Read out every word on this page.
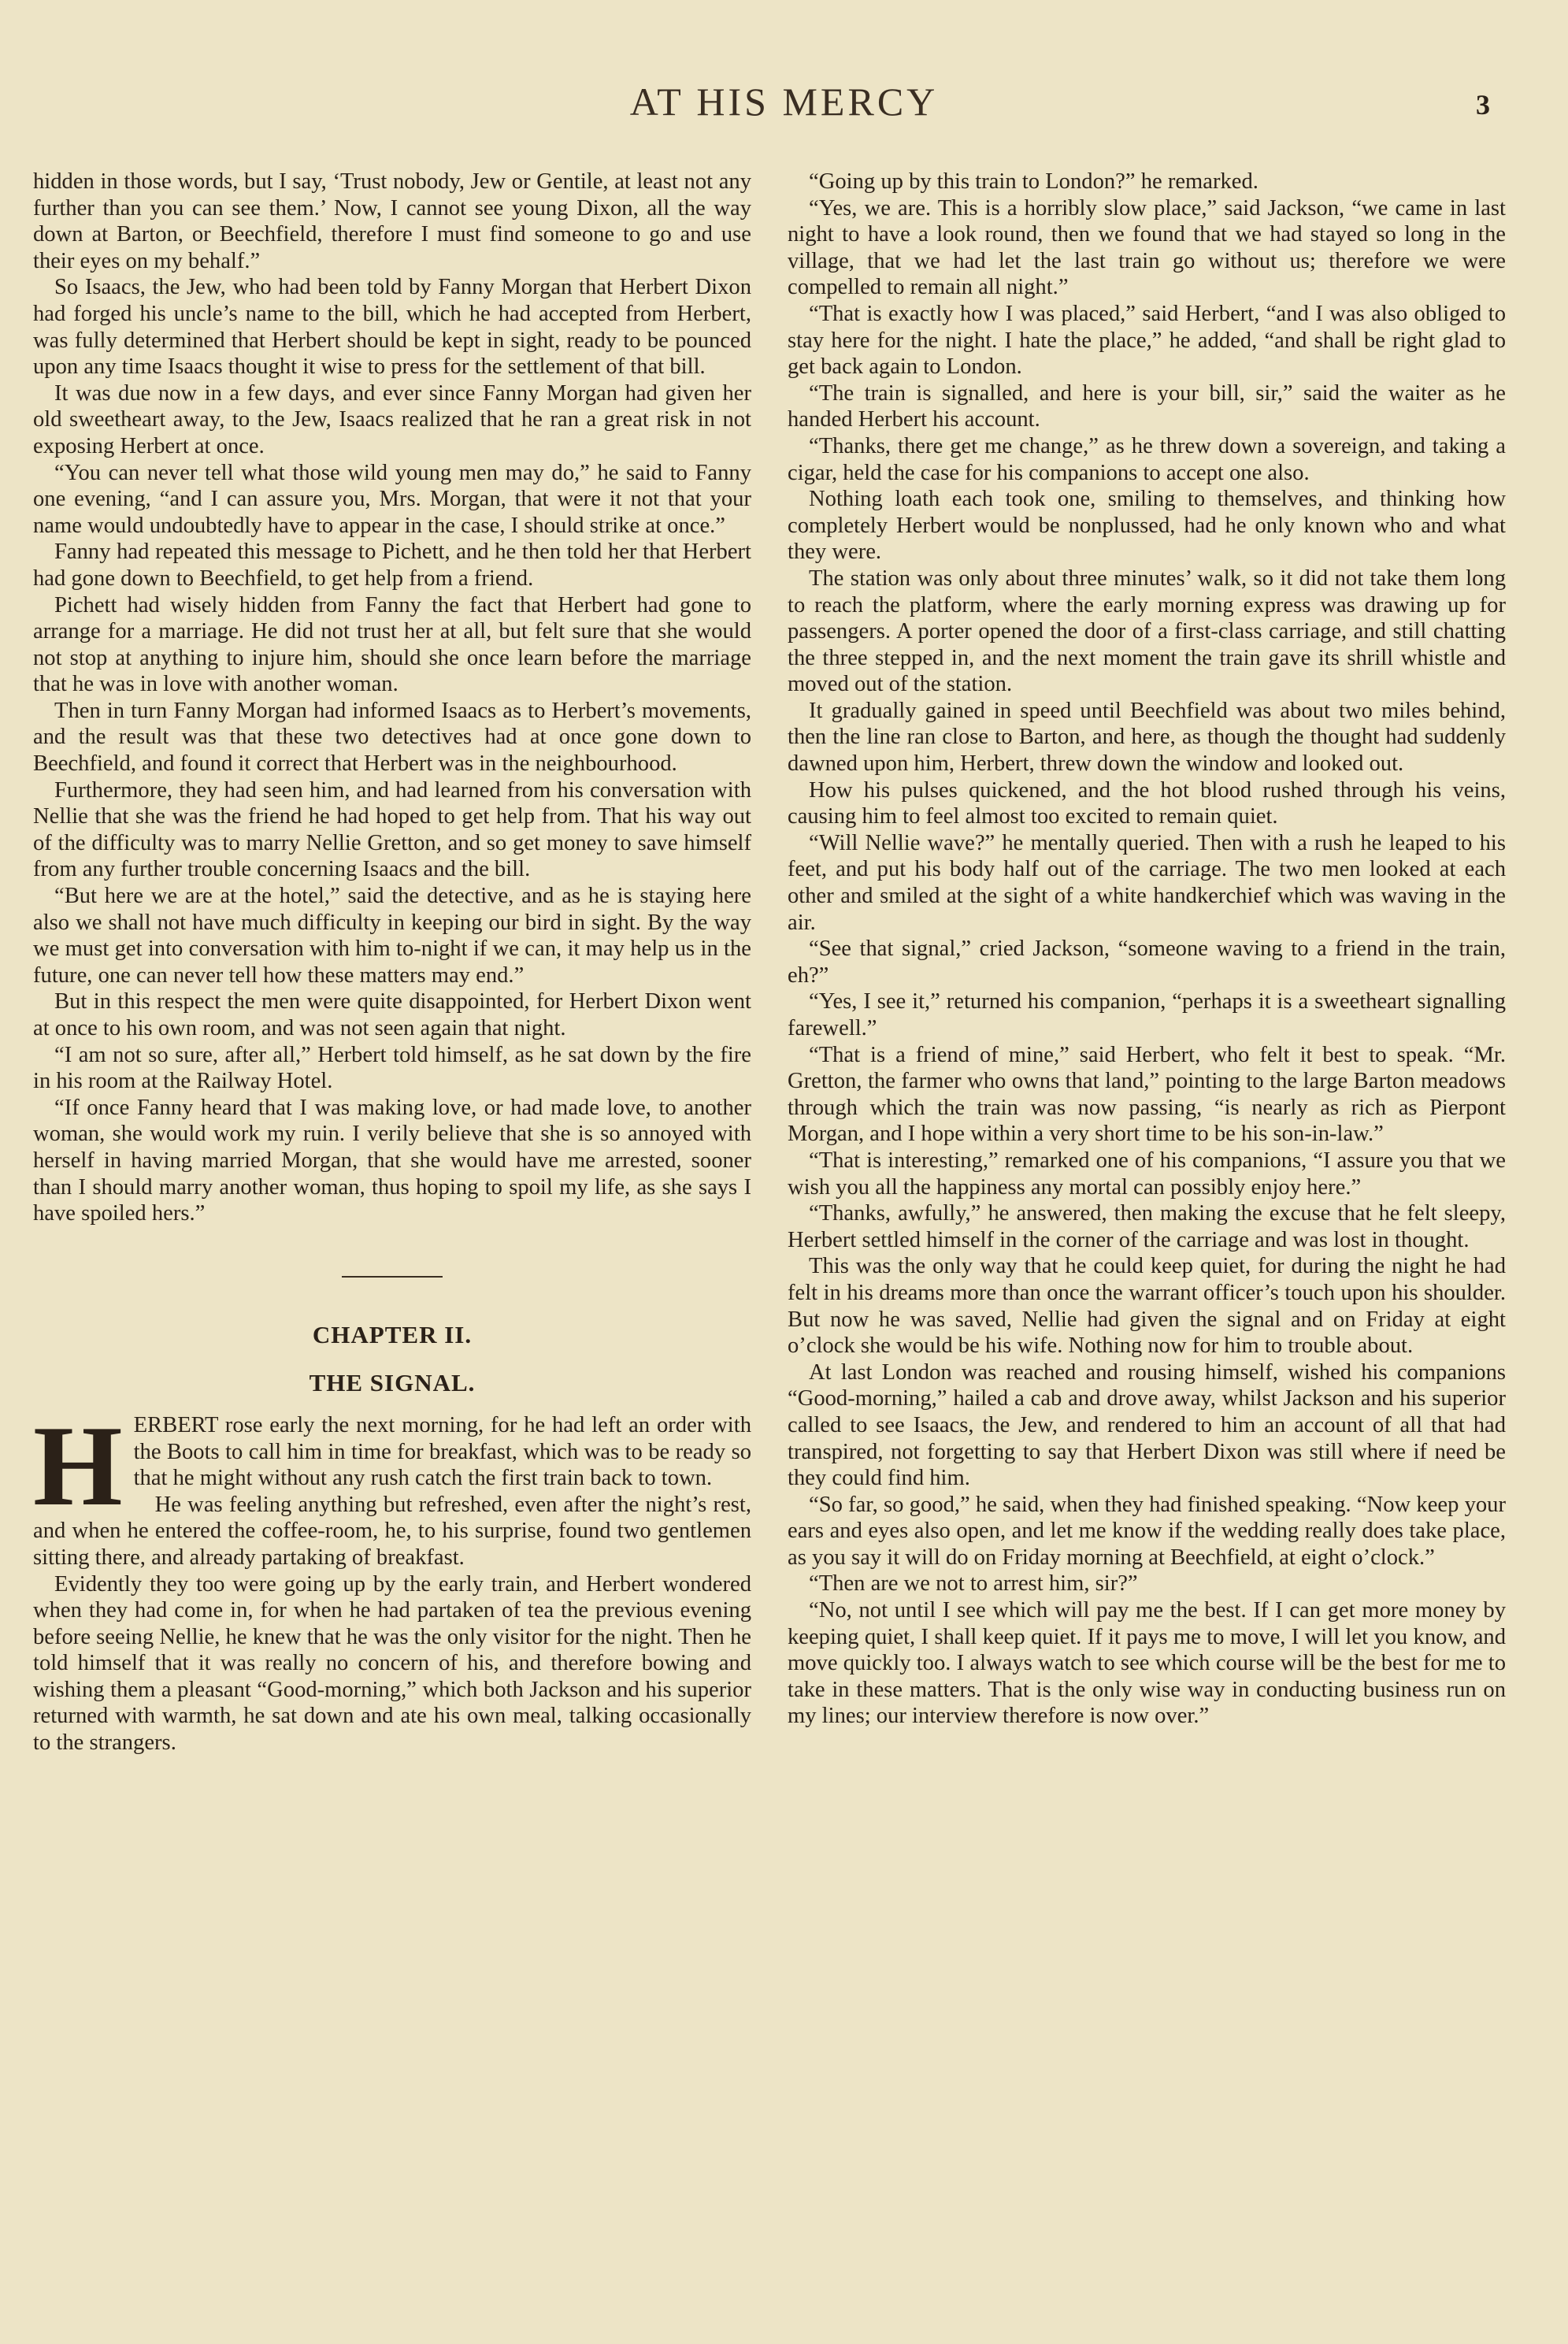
AT HIS MERCY	3

hidden in those words, but I say, ‘Trust nobody, Jew or Gentile, at least not any further than you can see them.’ Now, I cannot see young Dixon, all the way down at Barton, or Beechfield, therefore I must find someone to go and use their eyes on my behalf.”

So Isaacs, the Jew, who had been told by Fanny Morgan that Herbert Dixon had forged his uncle’s name to the bill, which he had accepted from Herbert, was fully determined that Herbert should be kept in sight, ready to be pounced upon any time Isaacs thought it wise to press for the settlement of that bill.

It was due now in a few days, and ever since Fanny Morgan had given her old sweetheart away, to the Jew, Isaacs realized that he ran a great risk in not exposing Herbert at once.

“You can never tell what those wild young men may do,” he said to Fanny one evening, “and I can assure you, Mrs. Morgan, that were it not that your name would undoubtedly have to appear in the case, I should strike at once.”

Fanny had repeated this message to Pichett, and he then told her that Herbert had gone down to Beechfield, to get help from a friend.

Pichett had wisely hidden from Fanny the fact that Herbert had gone to arrange for a marriage. He did not trust her at all, but felt sure that she would not stop at anything to injure him, should she once learn before the marriage that he was in love with another woman.

Then in turn Fanny Morgan had informed Isaacs as to Herbert’s movements, and the result was that these two detectives had at once gone down to Beechfield, and found it correct that Herbert was in the neighbourhood.

Furthermore, they had seen him, and had learned from his conversation with Nellie that she was the friend he had hoped to get help from. That his way out of the difficulty was to marry Nellie Gretton, and so get money to save himself from any further trouble concerning Isaacs and the bill.

“But here we are at the hotel,” said the detective, and as he is staying here also we shall not have much difficulty in keeping our bird in sight. By the way we must get into conversation with him to-night if we can, it may help us in the future, one can never tell how these matters may end.”

But in this respect the men were quite disappointed, for Herbert Dixon went at once to his own room, and was not seen again that night.

“I am not so sure, after all,” Herbert told himself, as he sat down by the fire in his room at the Railway Hotel.

“If once Fanny heard that I was making love, or had made love, to another woman, she would work my ruin. I verily believe that she is so annoyed with herself in having married Morgan, that she would have me arrested, sooner than I should marry another woman, thus hoping to spoil my life, as she says I have spoiled hers.”

CHAPTER II.
THE SIGNAL.

HERBERT rose early the next morning, for he had left an order with the Boots to call him in time for breakfast, which was to be ready so that he might without any rush catch the first train back to town.

He was feeling anything but refreshed, even after the night’s rest, and when he entered the coffee-room, he, to his surprise, found two gentlemen sitting there, and already partaking of breakfast.

Evidently they too were going up by the early train, and Herbert wondered when they had come in, for when he had partaken of tea the previous evening before seeing Nellie, he knew that he was the only visitor for the night. Then he told himself that it was really no concern of his, and therefore bowing and wishing them a pleasant “Good-morning,” which both Jackson and his superior returned with warmth, he sat down and ate his own meal, talking occasionally to the strangers.

“Going up by this train to London?” he remarked.

“Yes, we are. This is a horribly slow place,” said Jackson, “we came in last night to have a look round, then we found that we had stayed so long in the village, that we had let the last train go without us; therefore we were compelled to remain all night.”

“That is exactly how I was placed,” said Herbert, “and I was also obliged to stay here for the night. I hate the place,” he added, “and shall be right glad to get back again to London.

“The train is signalled, and here is your bill, sir,” said the waiter as he handed Herbert his account.

“Thanks, there get me change,” as he threw down a sovereign, and taking a cigar, held the case for his companions to accept one also.

Nothing loath each took one, smiling to themselves, and thinking how completely Herbert would be nonplussed, had he only known who and what they were.

The station was only about three minutes’ walk, so it did not take them long to reach the platform, where the early morning express was drawing up for passengers. A porter opened the door of a first-class carriage, and still chatting the three stepped in, and the next moment the train gave its shrill whistle and moved out of the station.

It gradually gained in speed until Beechfield was about two miles behind, then the line ran close to Barton, and here, as though the thought had suddenly dawned upon him, Herbert, threw down the window and looked out.

How his pulses quickened, and the hot blood rushed through his veins, causing him to feel almost too excited to remain quiet.

“Will Nellie wave?” he mentally queried. Then with a rush he leaped to his feet, and put his body half out of the carriage. The two men looked at each other and smiled at the sight of a white handkerchief which was waving in the air.

“See that signal,” cried Jackson, “someone waving to a friend in the train, eh?”

“Yes, I see it,” returned his companion, “perhaps it is a sweetheart signalling farewell.”

“That is a friend of mine,” said Herbert, who felt it best to speak. “Mr. Gretton, the farmer who owns that land,” pointing to the large Barton meadows through which the train was now passing, “is nearly as rich as Pierpont Morgan, and I hope within a very short time to be his son-in-law.”

“That is interesting,” remarked one of his companions, “I assure you that we wish you all the happiness any mortal can possibly enjoy here.”

“Thanks, awfully,” he answered, then making the excuse that he felt sleepy, Herbert settled himself in the corner of the carriage and was lost in thought.

This was the only way that he could keep quiet, for during the night he had felt in his dreams more than once the warrant officer’s touch upon his shoulder. But now he was saved, Nellie had given the signal and on Friday at eight o’clock she would be his wife. Nothing now for him to trouble about.

At last London was reached and rousing himself, wished his companions “Good-morning,” hailed a cab and drove away, whilst Jackson and his superior called to see Isaacs, the Jew, and rendered to him an account of all that had transpired, not forgetting to say that Herbert Dixon was still where if need be they could find him.

“So far, so good,” he said, when they had finished speaking. “Now keep your ears and eyes also open, and let me know if the wedding really does take place, as you say it will do on Friday morning at Beechfield, at eight o’clock.”

“Then are we not to arrest him, sir?”

“No, not until I see which will pay me the best. If I can get more money by keeping quiet, I shall keep quiet. If it pays me to move, I will let you know, and move quickly too. I always watch to see which course will be the best for me to take in these matters. That is the only wise way in conducting business run on my lines; our interview therefore is now over.”
